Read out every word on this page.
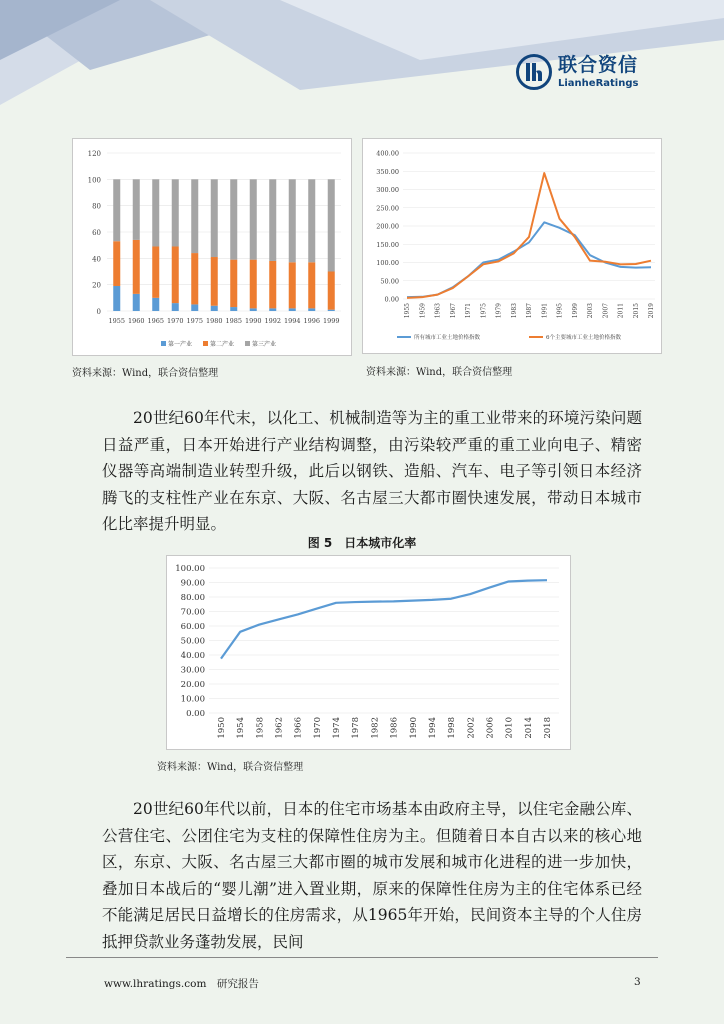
联合资信
LianheRatings
0
20
40
60
80
100
120
1955 1960 1965 1970 1975 1980 1985 1990 1992 1994 1996 1999
第一产业	第二产业	第三产业
资料来源：Wind，联合资信整理
0.00
50.00
100.00
150.00
200.00
250.00
300.00
350.00
400.00
1955 1959 1963 1967 1971 1975 1979 1983 1987 1991 1995 1999 2003 2007 2011 2015 2019
所有城市工业土地价格指数	6个主要城市工业土地价格指数
资料来源：Wind，联合资信整理

20世纪60年代末，以化工、机械制造等为主的重工业带来的环境污染问题日益严重，日本开始进行产业结构调整，由污染较严重的重工业向电子、精密仪器等高端制造业转型升级，此后以钢铁、造船、汽车、电子等引领日本经济腾飞的支柱性产业在东京、大阪、名古屋三大都市圈快速发展，带动日本城市化比率提升明显。

图 5　日本城市化率
0.00
10.00
20.00
30.00
40.00
50.00
60.00
70.00
80.00
90.00
100.00
1950 1954 1958 1962 1966 1970 1974 1978 1982 1986 1990 1994 1998 2002 2006 2010 2014 2018
资料来源：Wind，联合资信整理

20世纪60年代以前，日本的住宅市场基本由政府主导，以住宅金融公库、公营住宅、公团住宅为支柱的保障性住房为主。但随着日本自古以来的核心地区，东京、大阪、名古屋三大都市圈的城市发展和城市化进程的进一步加快，叠加日本战后的“婴儿潮”进入置业期，原来的保障性住房为主的住宅体系已经不能满足居民日益增长的住房需求，从1965年开始，民间资本主导的个人住房抵押贷款业务蓬勃发展，民间

www.lhratings.com　研究报告	3
